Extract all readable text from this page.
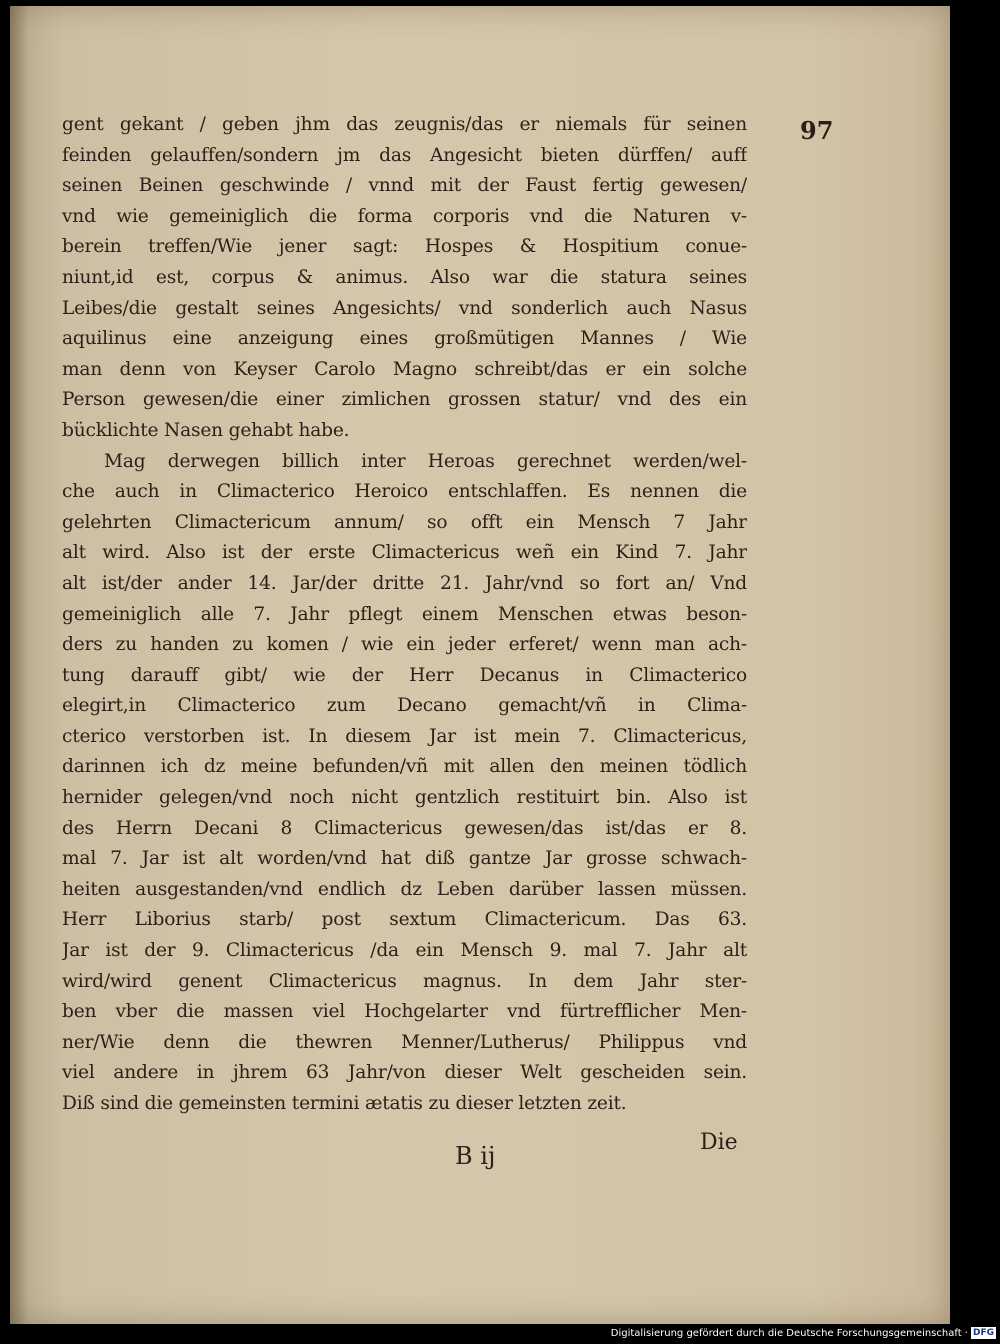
97
gent gekant / geben jhm das zeugnis/das er niemals für seinen
feinden gelauffen/sondern jm das Angesicht bieten dürffen/ auff
seinen Beinen geschwinde / vnnd mit der Faust fertig gewesen/
vnd wie gemeiniglich die forma corporis vnd die Naturen v-
berein treffen/Wie jener sagt: Hospes & Hospitium conue-
niunt,id est, corpus & animus. Also war die statura seines
Leibes/die gestalt seines Angesichts/ vnd sonderlich auch Nasus
aquilinus eine anzeigung eines großmütigen Mannes / Wie
man denn von Keyser Carolo Magno schreibt/das er ein solche
Person gewesen/die einer zimlichen grossen statur/ vnd des ein
bücklichte Nasen gehabt habe.
Mag derwegen billich inter Heroas gerechnet werden/wel-
che auch in Climacterico Heroico entschlaffen. Es nennen die
gelehrten Climactericum annum/ so offt ein Mensch 7 Jahr
alt wird. Also ist der erste Climactericus weñ ein Kind 7. Jahr
alt ist/der ander 14. Jar/der dritte 21. Jahr/vnd so fort an/ Vnd
gemeiniglich alle 7. Jahr pflegt einem Menschen etwas beson-
ders zu handen zu komen / wie ein jeder erferet/ wenn man ach-
tung darauff gibt/ wie der Herr Decanus in Climacterico
elegirt,in Climacterico zum Decano gemacht/vñ in Clima-
cterico verstorben ist. In diesem Jar ist mein 7. Climactericus,
darinnen ich dz meine befunden/vñ mit allen den meinen tödlich
hernider gelegen/vnd noch nicht gentzlich restituirt bin. Also ist
des Herrn Decani 8 Climactericus gewesen/das ist/das er 8.
mal 7. Jar ist alt worden/vnd hat diß gantze Jar grosse schwach-
heiten ausgestanden/vnd endlich dz Leben darüber lassen müssen.
Herr Liborius starb/ post sextum Climactericum. Das 63.
Jar ist der 9. Climactericus /da ein Mensch 9. mal 7. Jahr alt
wird/wird genent Climactericus magnus. In dem Jahr ster-
ben vber die massen viel Hochgelarter vnd fürtrefflicher Men-
ner/Wie denn die thewren Menner/Lutherus/ Philippus vnd
viel andere in jhrem 63 Jahr/von dieser Welt gescheiden sein.
Diß sind die gemeinsten termini ætatis zu dieser letzten zeit.
B ij	Die
Digitalisierung gefördert durch die Deutsche Forschungsgemeinschaft · DFG
